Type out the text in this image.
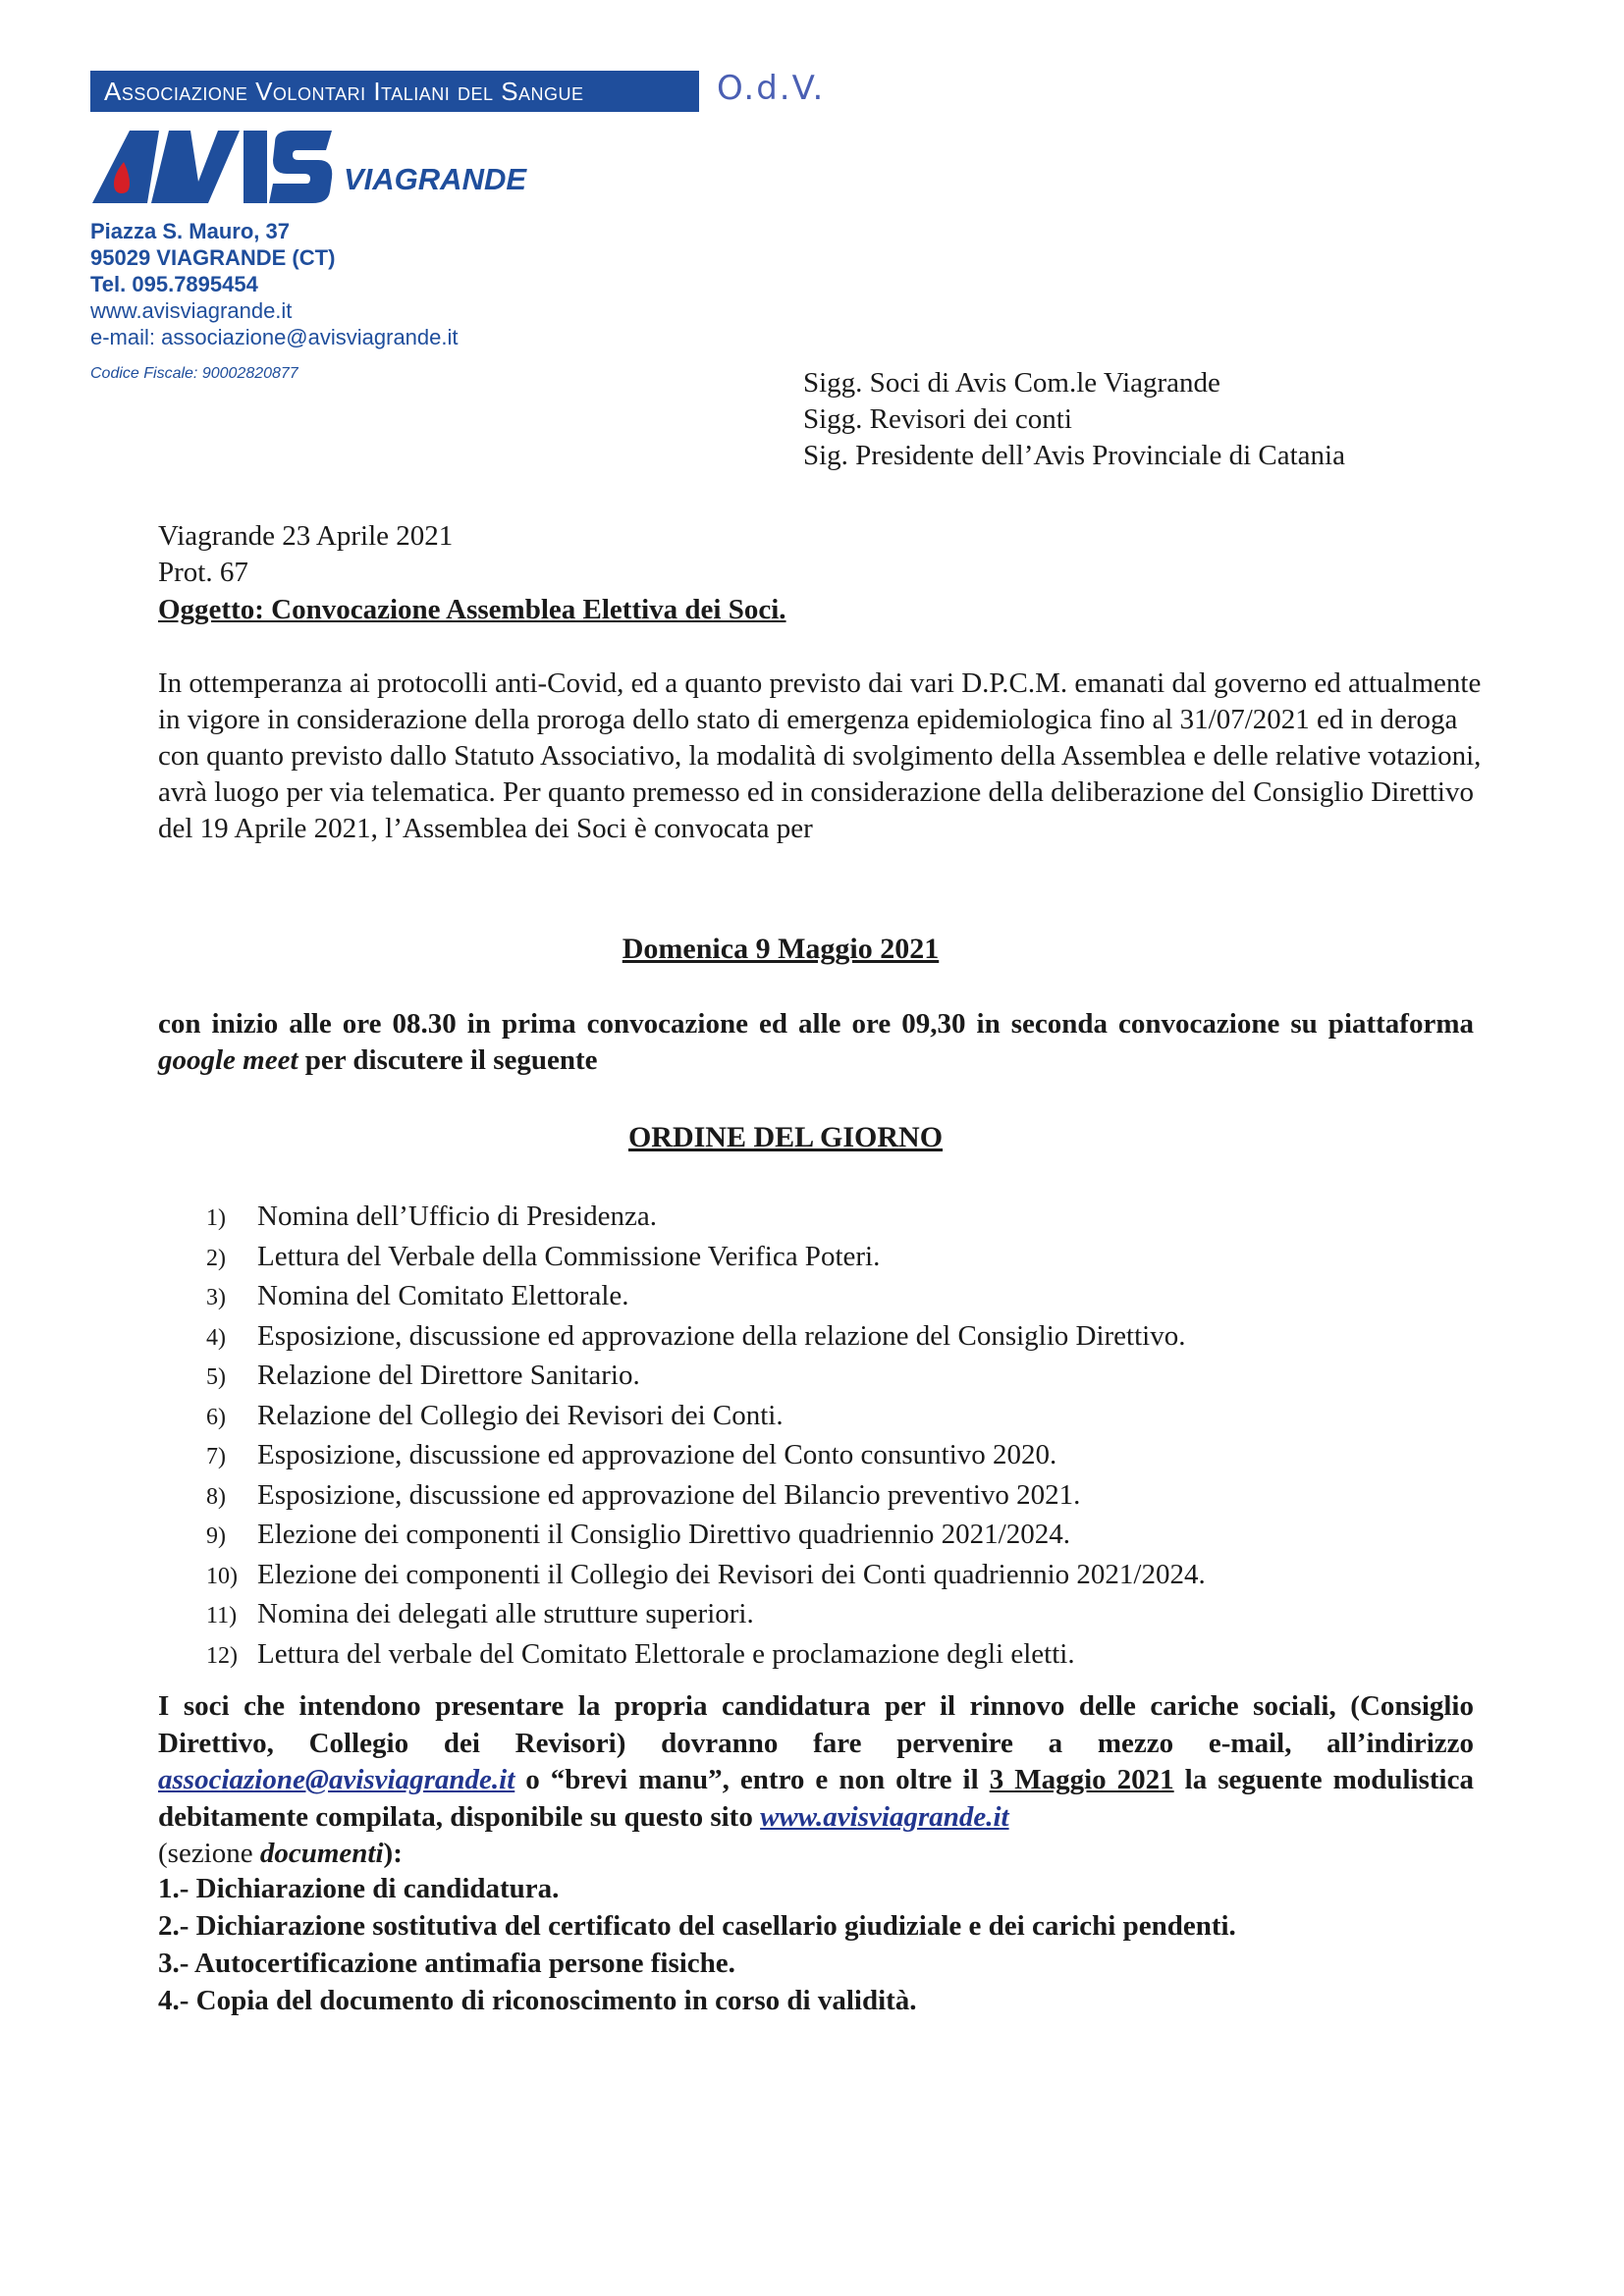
Associazione Volontari Italiani del Sangue	O.d.V.
VIAGRANDE
Piazza S. Mauro, 37
95029 VIAGRANDE (CT)
Tel. 095.7895454
www.avisviagrande.it
e-mail: associazione@avisviagrande.it
Codice Fiscale: 90002820877	Sigg. Soci di Avis Com.le Viagrande
Sigg. Revisori dei conti
Sig. Presidente dell’Avis Provinciale di Catania
Viagrande 23 Aprile 2021
Prot. 67
Oggetto: Convocazione Assemblea Elettiva dei Soci.
In ottemperanza ai protocolli anti-Covid, ed a quanto previsto dai vari D.P.C.M. emanati dal governo ed attualmente in vigore in considerazione della proroga dello stato di emergenza epidemiologica fino al 31/07/2021 ed in deroga con quanto previsto dallo Statuto Associativo, la modalità di svolgimento della Assemblea e delle relative votazioni, avrà luogo per via telematica. Per quanto premesso ed in considerazione della deliberazione del Consiglio Direttivo del 19 Aprile 2021, l’Assemblea dei Soci è convocata per
Domenica 9 Maggio 2021
con inizio alle ore 08.30 in prima convocazione ed alle ore 09,30 in seconda convocazione su piattaforma google meet per discutere il seguente
ORDINE DEL GIORNO
1) Nomina dell’Ufficio di Presidenza.
2) Lettura del Verbale della Commissione Verifica Poteri.
3) Nomina del Comitato Elettorale.
4) Esposizione, discussione ed approvazione della relazione del Consiglio Direttivo.
5) Relazione del Direttore Sanitario.
6) Relazione del Collegio dei Revisori dei Conti.
7) Esposizione, discussione ed approvazione del Conto consuntivo 2020.
8) Esposizione, discussione ed approvazione del Bilancio preventivo 2021.
9) Elezione dei componenti il Consiglio Direttivo quadriennio 2021/2024.
10) Elezione dei componenti il Collegio dei Revisori dei Conti quadriennio 2021/2024.
11) Nomina dei delegati alle strutture superiori.
12) Lettura del verbale del Comitato Elettorale e proclamazione degli eletti.
I soci che intendono presentare la propria candidatura per il rinnovo delle cariche sociali, (Consiglio Direttivo, Collegio dei Revisori) dovranno fare pervenire a mezzo e-mail, all’indirizzo associazione@avisviagrande.it o “brevi manu”, entro e non oltre il 3 Maggio 2021 la seguente modulistica debitamente compilata, disponibile su questo sito www.avisviagrande.it
(sezione documenti):
1.- Dichiarazione di candidatura.
2.- Dichiarazione sostitutiva del certificato del casellario giudiziale e dei carichi pendenti.
3.- Autocertificazione antimafia persone fisiche.
4.- Copia del documento di riconoscimento in corso di validità.
